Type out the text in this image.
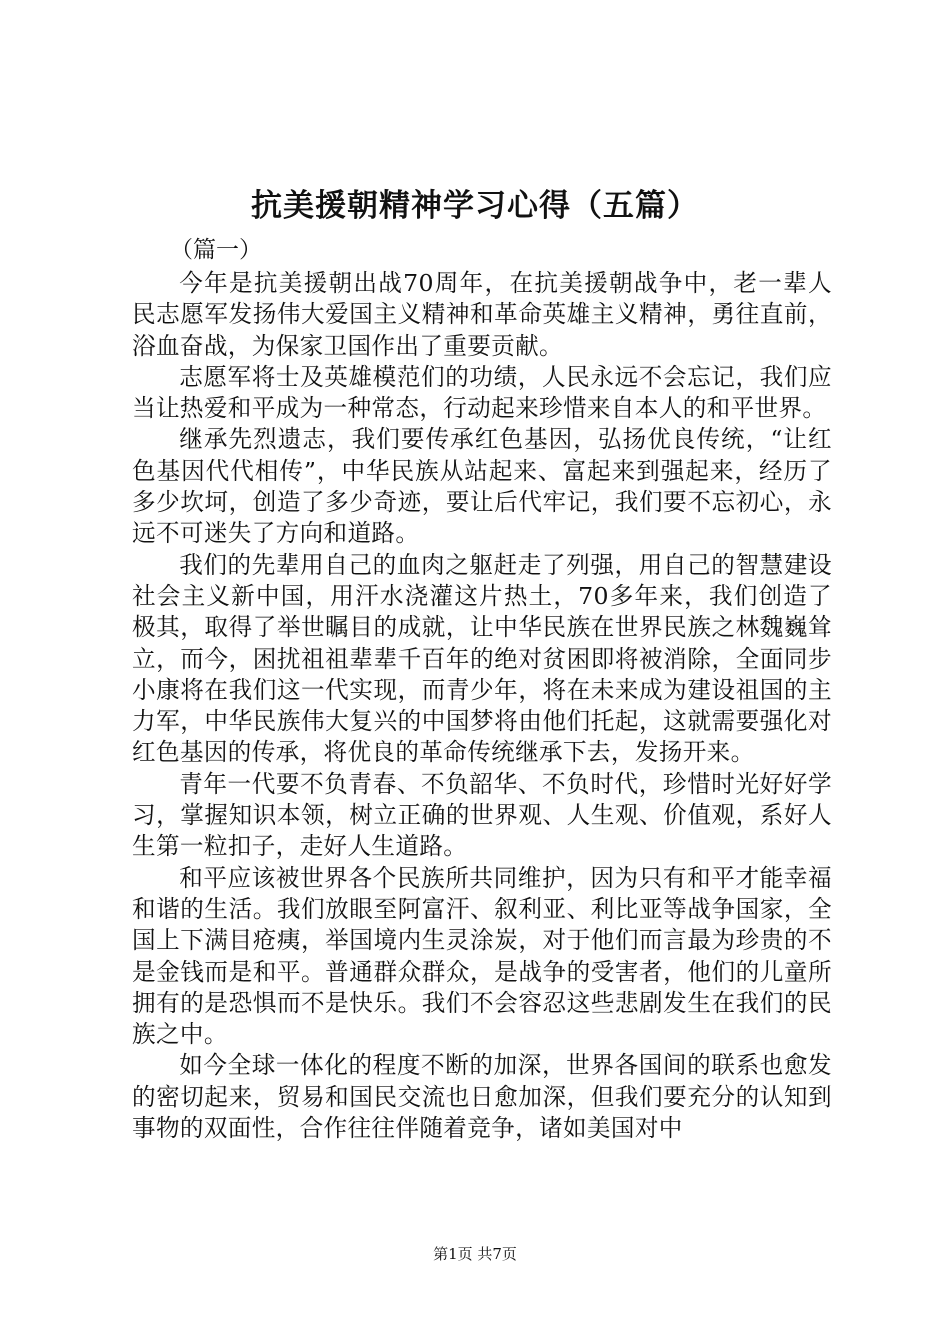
抗美援朝精神学习心得（五篇）
（篇一）

今年是抗美援朝出战70周年，在抗美援朝战争中，老一辈人民志愿军发扬伟大爱国主义精神和革命英雄主义精神，勇往直前，浴血奋战，为保家卫国作出了重要贡献。

志愿军将士及英雄模范们的功绩，人民永远不会忘记，我们应当让热爱和平成为一种常态，行动起来珍惜来自本人的和平世界。

继承先烈遗志，我们要传承红色基因，弘扬优良传统，“让红色基因代代相传”，中华民族从站起来、富起来到强起来，经历了多少坎坷，创造了多少奇迹，要让后代牢记，我们要不忘初心，永远不可迷失了方向和道路。

我们的先辈用自己的血肉之躯赶走了列强，用自己的智慧建设社会主义新中国，用汗水浇灌这片热土，70多年来，我们创造了极其，取得了举世瞩目的成就，让中华民族在世界民族之林魏巍耸立，而今，困扰祖祖辈辈千百年的绝对贫困即将被消除，全面同步小康将在我们这一代实现，而青少年，将在未来成为建设祖国的主力军，中华民族伟大复兴的中国梦将由他们托起，这就需要强化对红色基因的传承，将优良的革命传统继承下去，发扬开来。

青年一代要不负青春、不负韶华、不负时代，珍惜时光好好学习，掌握知识本领，树立正确的世界观、人生观、价值观，系好人生第一粒扣子，走好人生道路。

和平应该被世界各个民族所共同维护，因为只有和平才能幸福和谐的生活。我们放眼至阿富汗、叙利亚、利比亚等战争国家，全国上下满目疮痍，举国境内生灵涂炭，对于他们而言最为珍贵的不是金钱而是和平。普通群众群众，是战争的受害者，他们的儿童所拥有的是恐惧而不是快乐。我们不会容忍这些悲剧发生在我们的民族之中。

如今全球一体化的程度不断的加深，世界各国间的联系也愈发的密切起来，贸易和国民交流也日愈加深，但我们要充分的认知到事物的双面性，合作往往伴随着竞争，诸如美国对中

第1页 共7页
